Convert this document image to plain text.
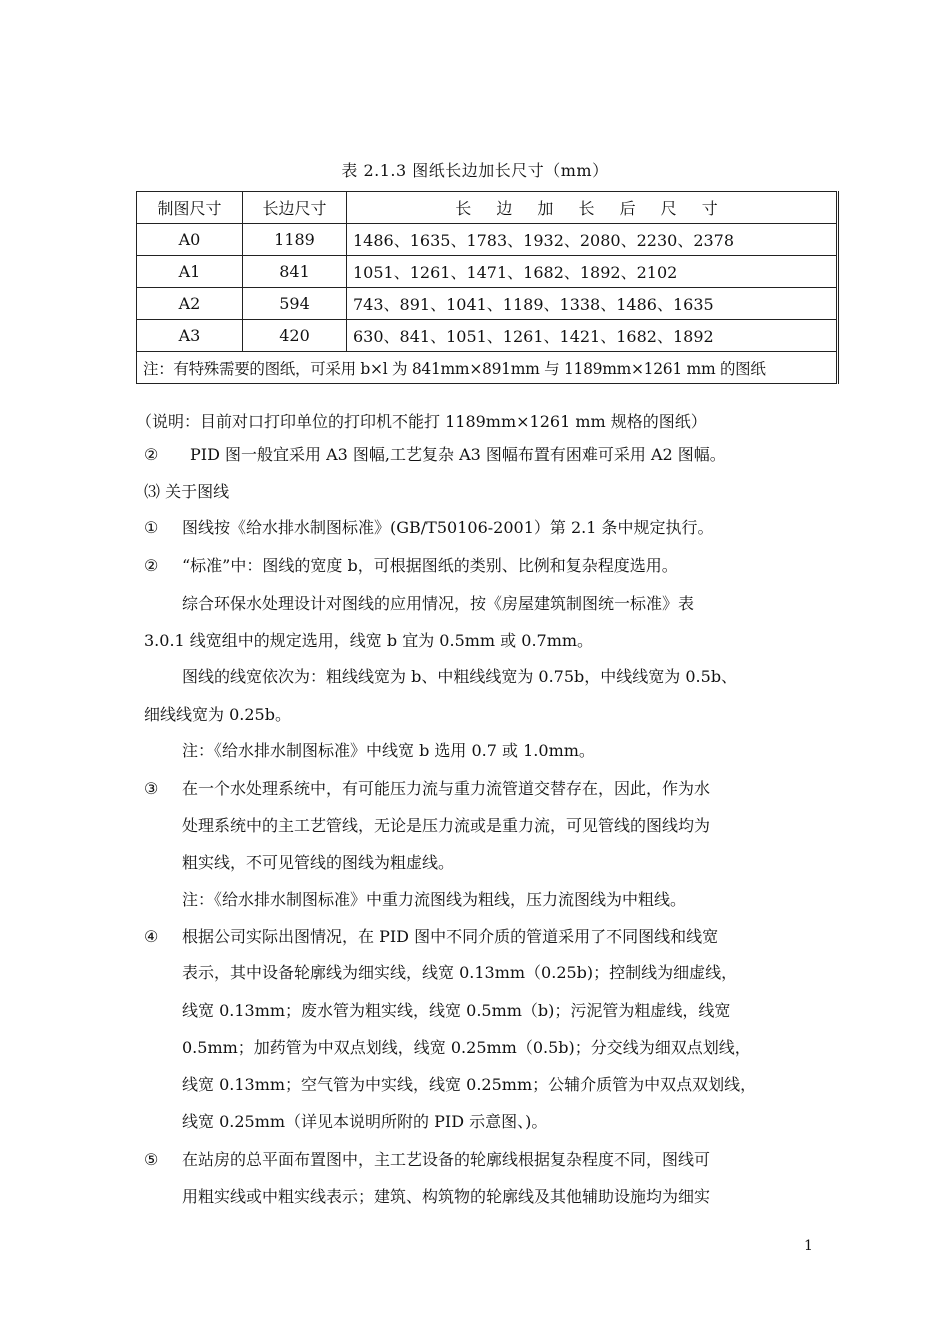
表 2.1.3 图纸长边加长尺寸（mm）
制图尺寸	长边尺寸	长 边 加 长 后 尺 寸
A0	1189	1486、1635、1783、1932、2080、2230、2378
A1	841	1051、1261、1471、1682、1892、2102
A2	594	743、891、1041、1189、1338、1486、1635
A3	420	630、841、1051、1261、1421、1682、1892
注：有特殊需要的图纸，可采用 b×l 为 841mm×891mm 与 1189mm×1261 mm 的图纸		
（说明：目前对口打印单位的打印机不能打 1189mm×1261 mm 规格的图纸）
② PID 图一般宜采用 A3 图幅,工艺复杂 A3 图幅布置有困难可采用 A2 图幅。
⑶ 关于图线
① 图线按《给水排水制图标准》(GB/T50106-2001）第 2.1 条中规定执行。
② “标准”中：图线的宽度 b，可根据图纸的类别、比例和复杂程度选用。
综合环保水处理设计对图线的应用情况，按《房屋建筑制图统一标准》表
3.0.1 线宽组中的规定选用，线宽 b 宜为 0.5mm 或 0.7mm。
图线的线宽依次为：粗线线宽为 b、中粗线线宽为 0.75b，中线线宽为 0.5b、
细线线宽为 0.25b。
注：《给水排水制图标准》中线宽 b 选用 0.7 或 1.0mm。
③ 在一个水处理系统中，有可能压力流与重力流管道交替存在，因此，作为水
处理系统中的主工艺管线，无论是压力流或是重力流，可见管线的图线均为
粗实线，不可见管线的图线为粗虚线。
注：《给水排水制图标准》中重力流图线为粗线，压力流图线为中粗线。
④ 根据公司实际出图情况，在 PID 图中不同介质的管道采用了不同图线和线宽
表示，其中设备轮廓线为细实线，线宽 0.13mm（0.25b)；控制线为细虚线，
线宽 0.13mm；废水管为粗实线，线宽 0.5mm（b)；污泥管为粗虚线，线宽
0.5mm；加药管为中双点划线，线宽 0.25mm（0.5b)；分交线为细双点划线，
线宽 0.13mm；空气管为中实线，线宽 0.25mm；公辅介质管为中双点双划线，
线宽 0.25mm（详见本说明所附的 PID 示意图、)。
⑤ 在站房的总平面布置图中，主工艺设备的轮廓线根据复杂程度不同，图线可
用粗实线或中粗实线表示；建筑、构筑物的轮廓线及其他辅助设施均为细实
1
